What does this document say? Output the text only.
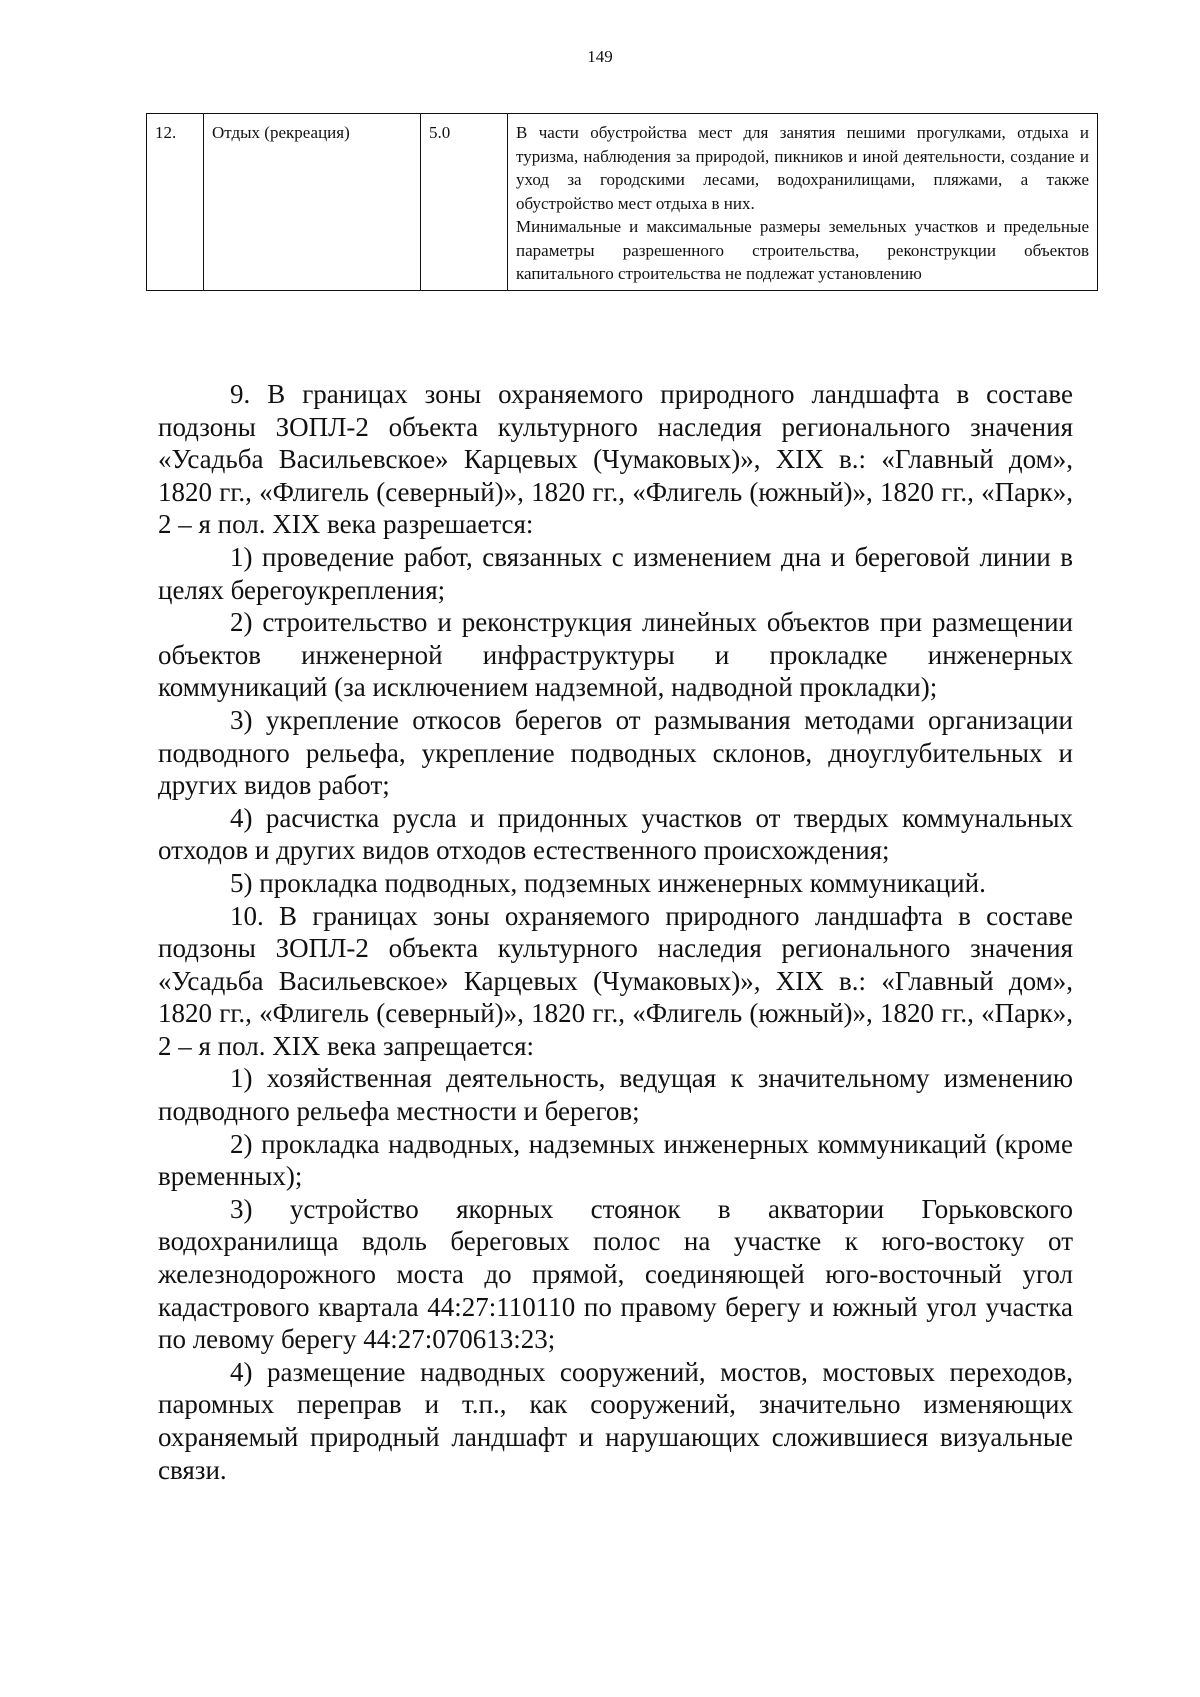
149
12.	Отдых (рекреация)	5.0	В части обустройства мест для занятия пешими прогулками, отдыха и туризма, наблюдения за природой, пикников и иной деятельности, создание и уход за городскими лесами, водохранилищами, пляжами, а также обустройство мест отдыха в них.

Минимальные и максимальные размеры земельных участков и предельные параметры разрешенного строительства, реконструкции объектов капитального строительства не подлежат установлению

9. В границах зоны охраняемого природного ландшафта в составе подзоны ЗОПЛ-2 объекта культурного наследия регионального значения «Усадьба Васильевское» Карцевых (Чумаковых)», XIX в.: «Главный дом», 1820 гг., «Флигель (северный)», 1820 гг., «Флигель (южный)», 1820 гг., «Парк», 2 – я пол. XIX века разрешается:

1) проведение работ, связанных с изменением дна и береговой линии в целях берегоукрепления;

2) строительство и реконструкция линейных объектов при размещении объектов инженерной инфраструктуры и прокладке инженерных коммуникаций (за исключением надземной, надводной прокладки);

3) укрепление откосов берегов от размывания методами организации подводного рельефа, укрепление подводных склонов, дноуглубительных и других видов работ;

4) расчистка русла и придонных участков от твердых коммунальных отходов и других видов отходов естественного происхождения;

5) прокладка подводных, подземных инженерных коммуникаций.

10. В границах зоны охраняемого природного ландшафта в составе подзоны ЗОПЛ-2 объекта культурного наследия регионального значения «Усадьба Васильевское» Карцевых (Чумаковых)», XIX в.: «Главный дом», 1820 гг., «Флигель (северный)», 1820 гг., «Флигель (южный)», 1820 гг., «Парк», 2 – я пол. XIX века запрещается:

1) хозяйственная деятельность, ведущая к значительному изменению подводного рельефа местности и берегов;

2) прокладка надводных, надземных инженерных коммуникаций (кроме временных);

3) устройство якорных стоянок в акватории Горьковского водохранилища вдоль береговых полос на участке к юго-востоку от железнодорожного моста до прямой, соединяющей юго-восточный угол кадастрового квартала 44:27:110110 по правому берегу и южный угол участка по левому берегу 44:27:070613:23;

4) размещение надводных сооружений, мостов, мостовых переходов, паромных переправ и т.п., как сооружений, значительно изменяющих охраняемый природный ландшафт и нарушающих сложившиеся визуальные связи.
